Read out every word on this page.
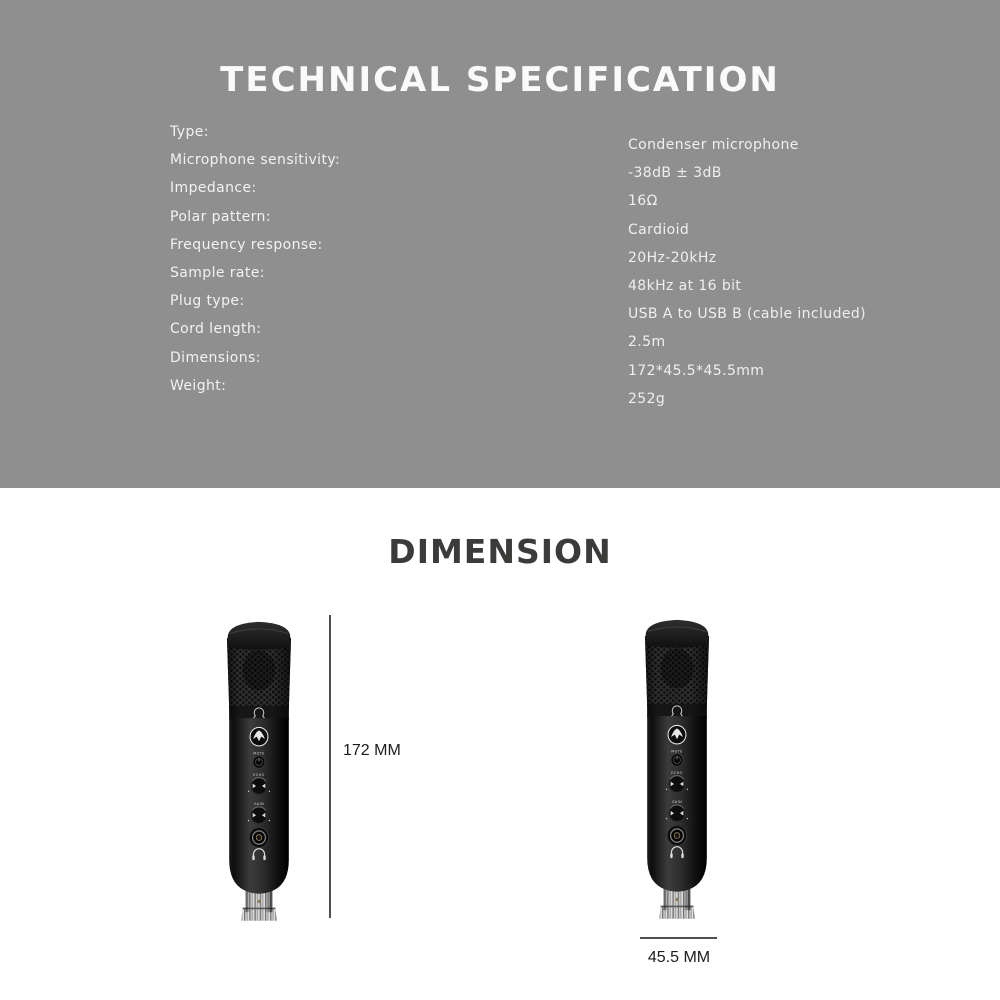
TECHNICAL SPECIFICATION
Type:
Condenser microphone
Microphone sensitivity:
-38dB ± 3dB
Impedance:
16Ω
Polar pattern:
Cardioid
Frequency response:
20Hz-20kHz
Sample rate:
48kHz at 16 bit
Plug type:
USB A to USB B (cable included)
Cord length:
2.5m
Dimensions:
172*45.5*45.5mm
Weight:
252g
DIMENSION
172 MM
45.5 MM
